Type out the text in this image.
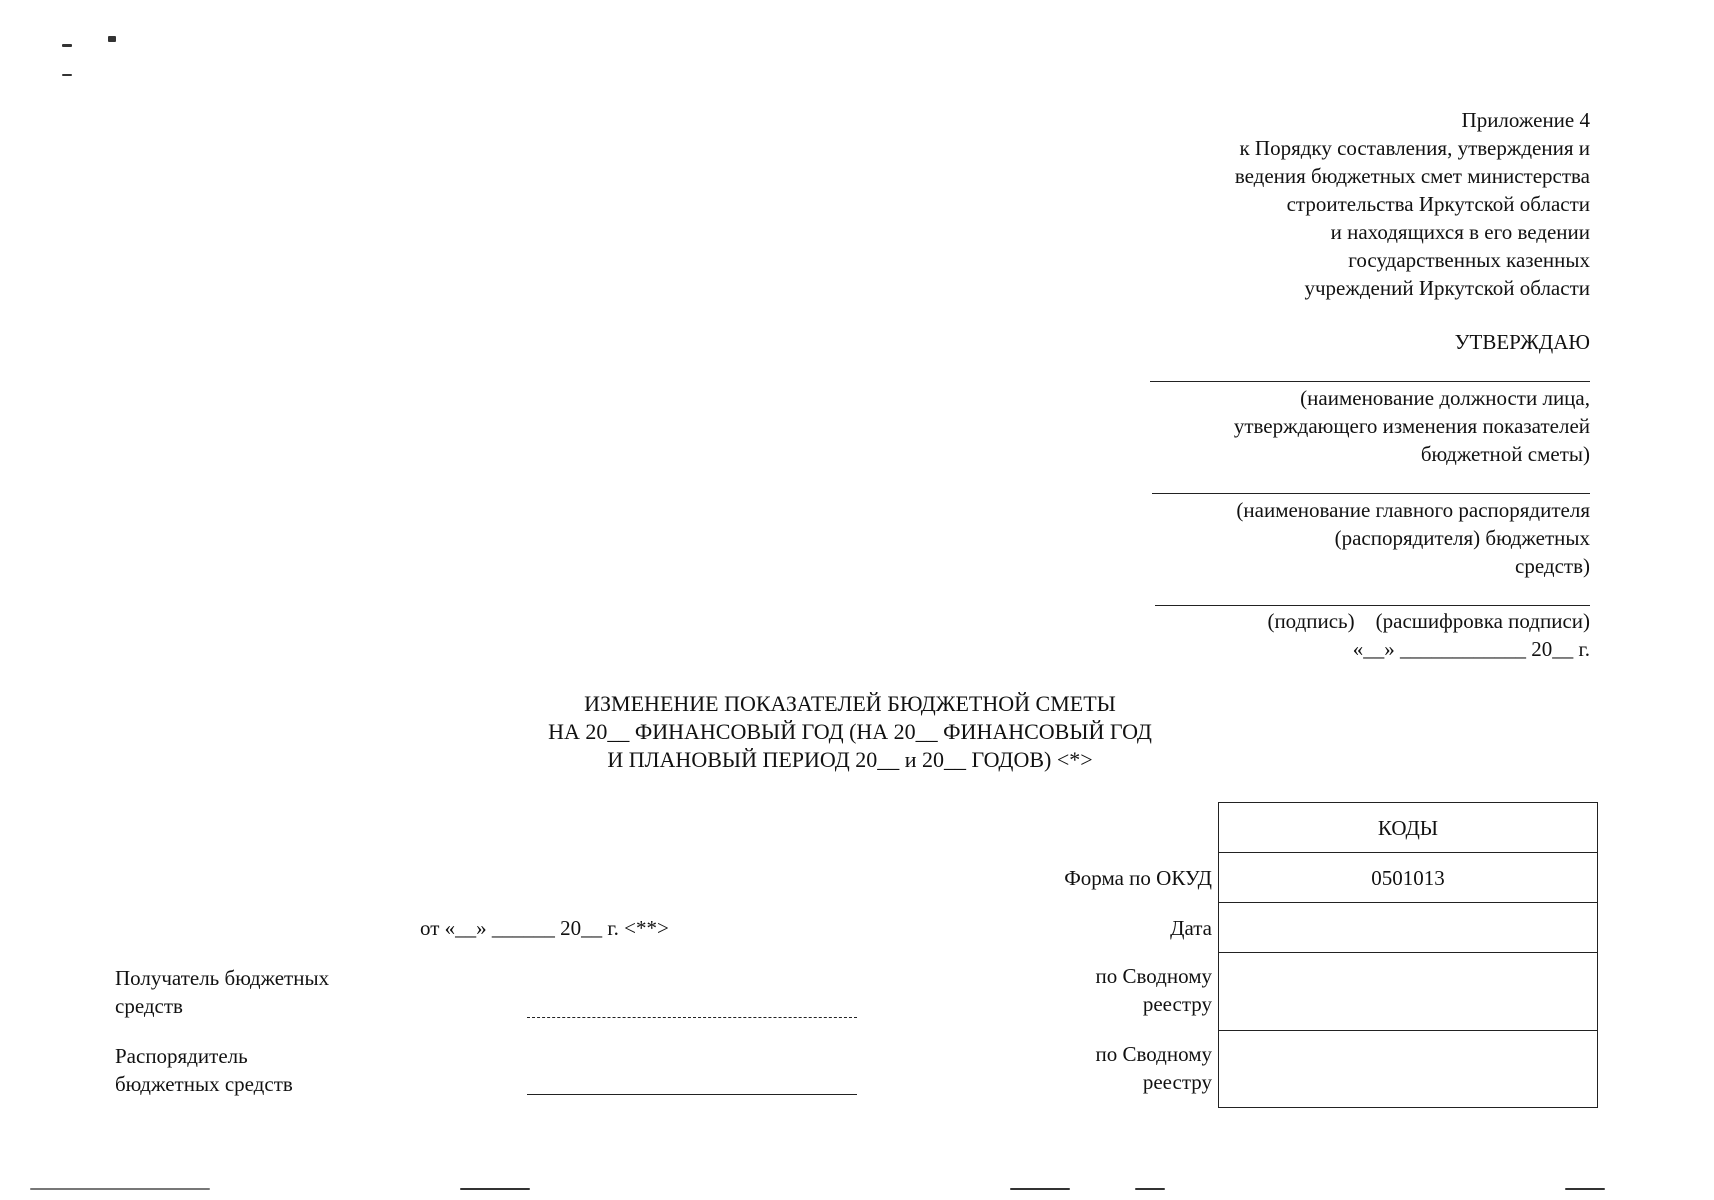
Приложение 4
к Порядку составления, утверждения и
ведения бюджетных смет министерства
строительства Иркутской области
и находящихся в его ведении
государственных казенных
учреждений Иркутской области
УТВЕРЖДАЮ
(наименование должности лица,
утверждающего изменения показателей
бюджетной сметы)
(наименование главного распорядителя
(распорядителя) бюджетных
средств)
(подпись)    (расшифровка подписи)
«__» ____________ 20__ г.
ИЗМЕНЕНИЕ ПОКАЗАТЕЛЕЙ БЮДЖЕТНОЙ СМЕТЫ
НА 20__ ФИНАНСОВЫЙ ГОД (НА 20__ ФИНАНСОВЫЙ ГОД
И ПЛАНОВЫЙ ПЕРИОД 20__ и 20__ ГОДОВ) <*>
КОДЫ
0501013
Форма по ОКУД
Дата
по Сводному
реестру
по Сводному
реестру
от «__» ______ 20__ г. <**>
Получатель бюджетных
средств
Распорядитель
бюджетных средств
